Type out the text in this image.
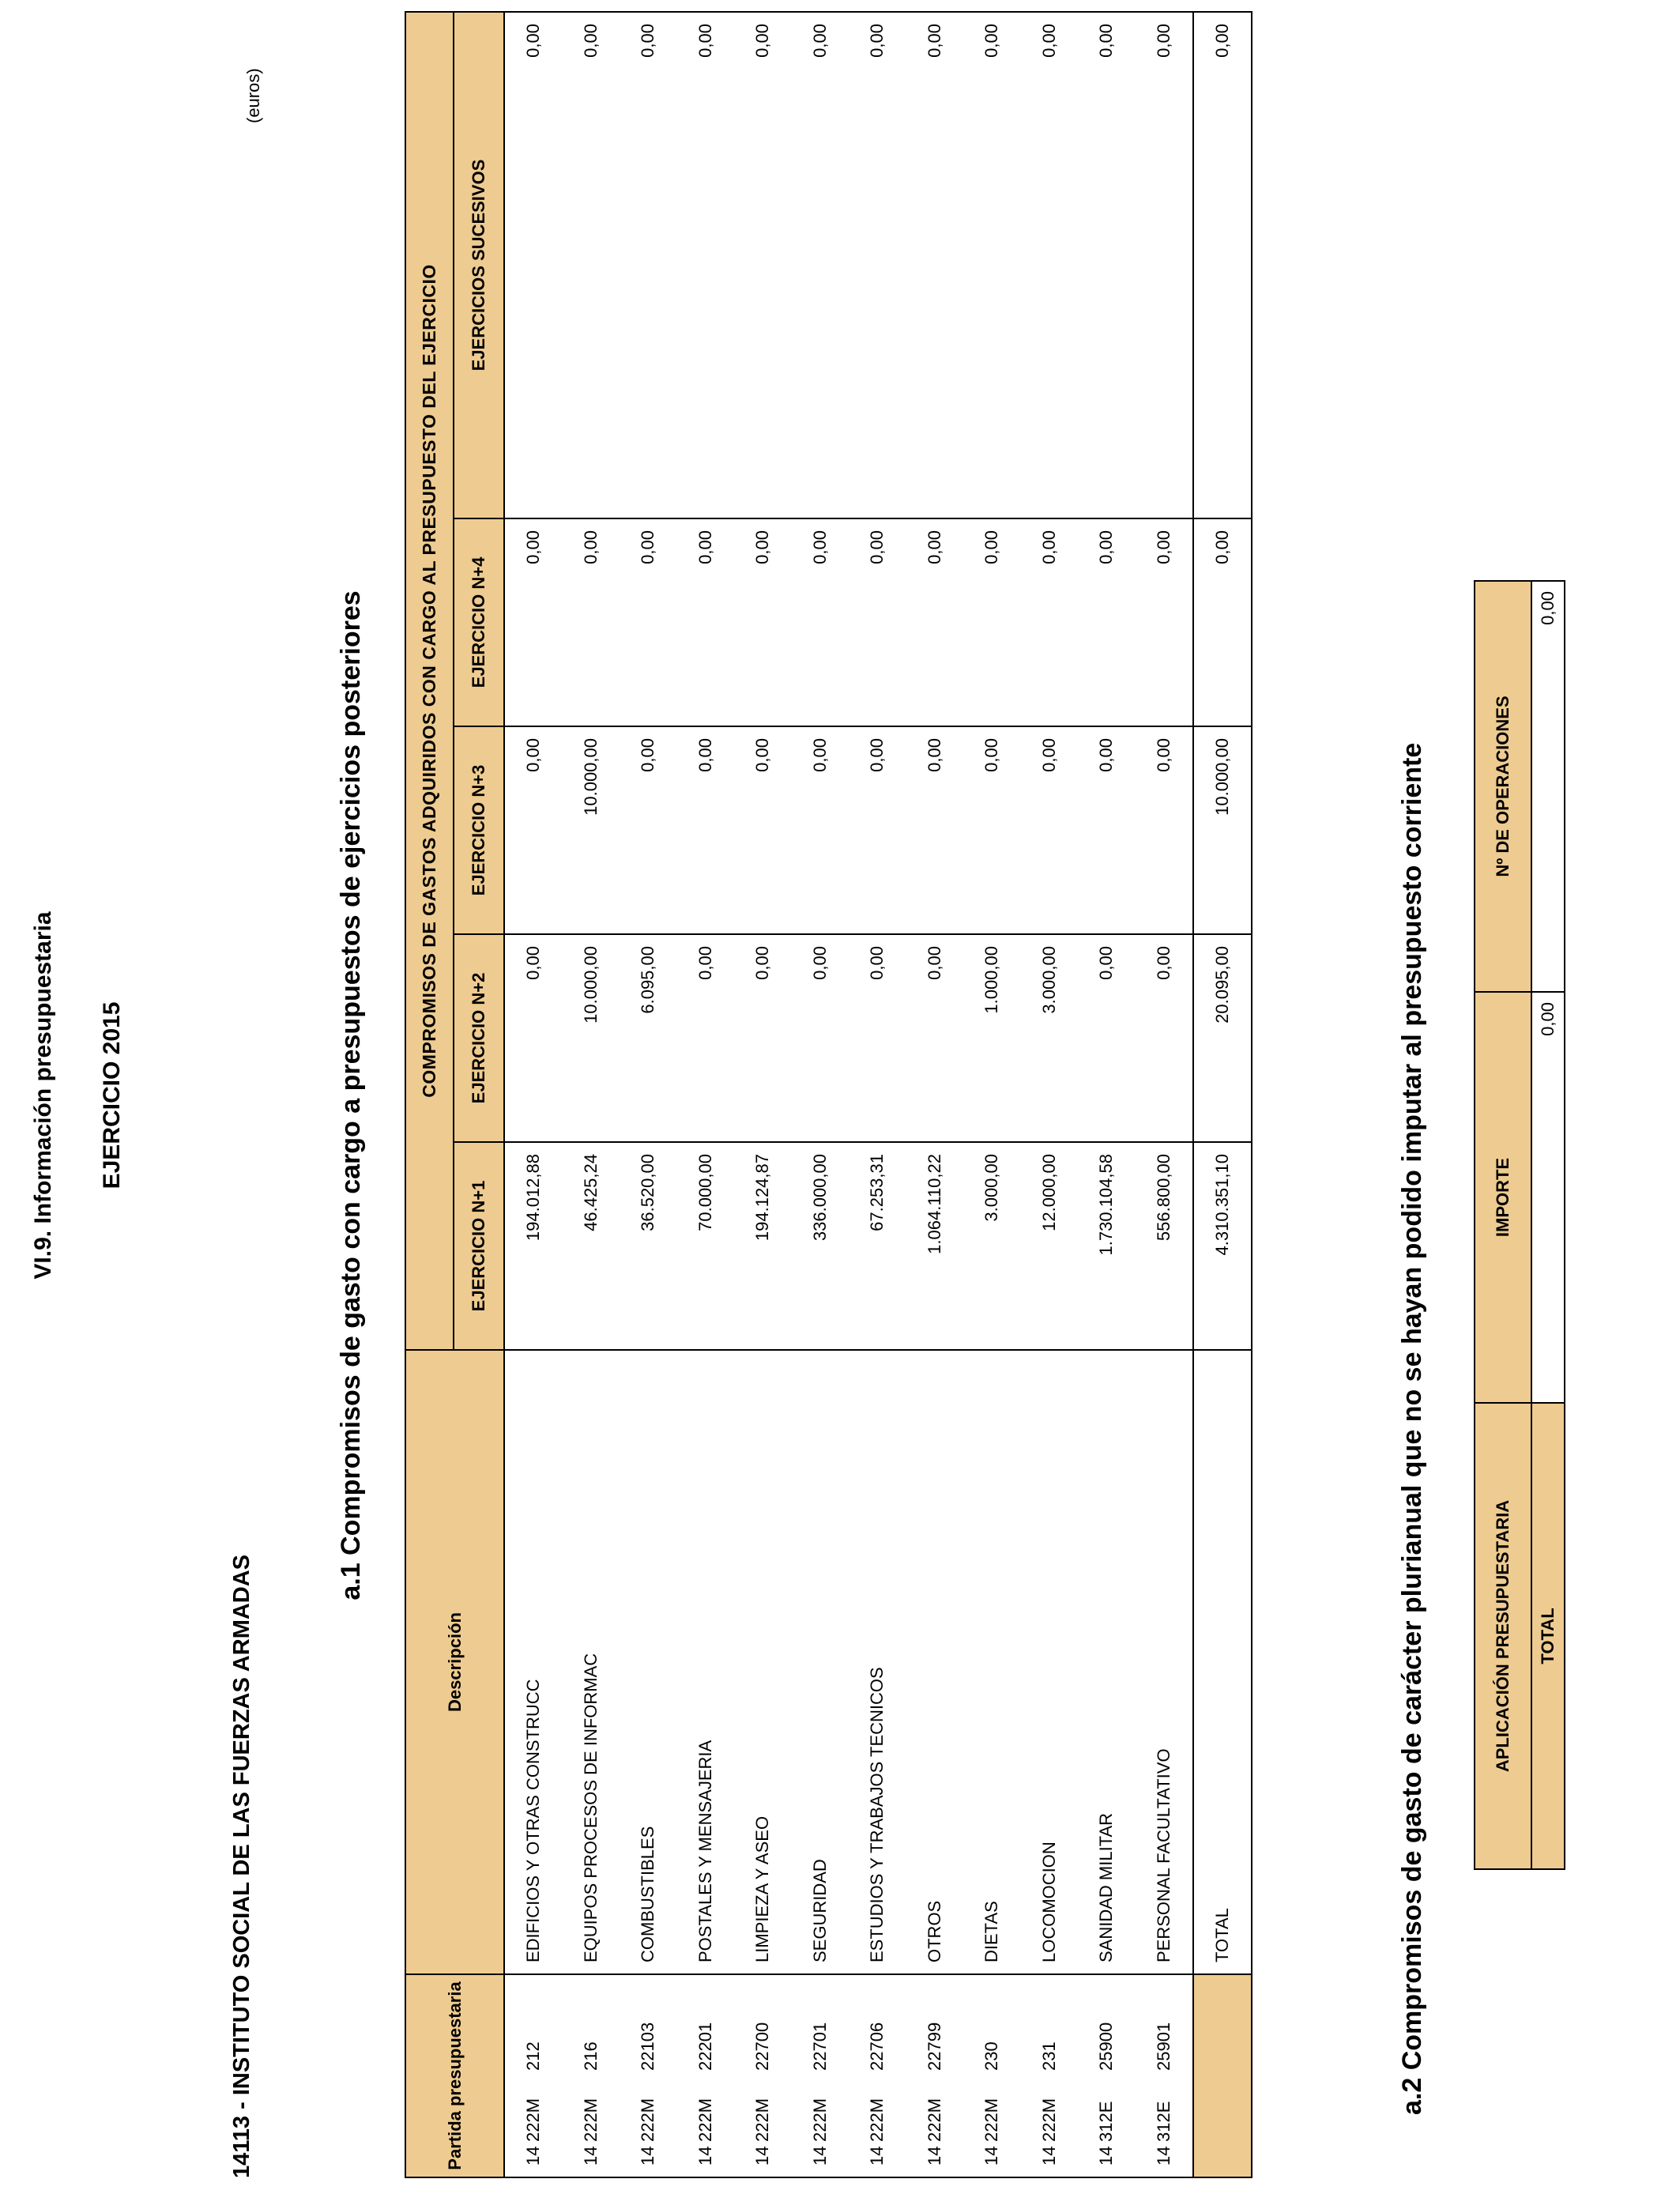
VI.9. Información presupuestaria EJERCICIO 2015
14113 - INSTITUTO SOCIAL DE LAS FUERZAS ARMADAS
(euros)
a.1 Compromisos de gasto con cargo a presupuestos de ejercicios posteriores
Partida presupuestaria	Descripción	COMPROMISOS DE GASTOS ADQUIRIDOS CON CARGO AL PRESUPUESTO DEL EJERCICIO				
		EJERCICIO N+1	EJERCICIO N+2	EJERCICIO N+3	EJERCICIO N+4	EJERCICIOS SUCESIVOS
14222M212	EDIFICIOS Y OTRAS CONSTRUCC	194.012,88	0,00	0,00	0,00	0,00
14222M216	EQUIPOS PROCESOS DE INFORMAC	46.425,24	10.000,00	10.000,00	0,00	0,00
14222M22103	COMBUSTIBLES	36.520,00	6.095,00	0,00	0,00	0,00
14222M22201	POSTALES Y MENSAJERIA	70.000,00	0,00	0,00	0,00	0,00
14222M22700	LIMPIEZA Y ASEO	194.124,87	0,00	0,00	0,00	0,00
14222M22701	SEGURIDAD	336.000,00	0,00	0,00	0,00	0,00
14222M22706	ESTUDIOS Y TRABAJOS TECNICOS	67.253,31	0,00	0,00	0,00	0,00
14222M22799	OTROS	1.064.110,22	0,00	0,00	0,00	0,00
14222M230	DIETAS	3.000,00	1.000,00	0,00	0,00	0,00
14222M231	LOCOMOCION	12.000,00	3.000,00	0,00	0,00	0,00
14312E25900	SANIDAD MILITAR	1.730.104,58	0,00	0,00	0,00	0,00
14312E25901	PERSONAL FACULTATIVO	556.800,00	0,00	0,00	0,00	0,00
	TOTAL	4.310.351,10	20.095,00	10.000,00	0,00	0,00
a.2 Compromisos de gasto de carácter plurianual que no se hayan podido imputar al presupuesto corriente	APLICACIÓN PRESUPUESTARIA	IMPORTE	Nº DE OPERACIONES
TOTAL	0,00	0,00
